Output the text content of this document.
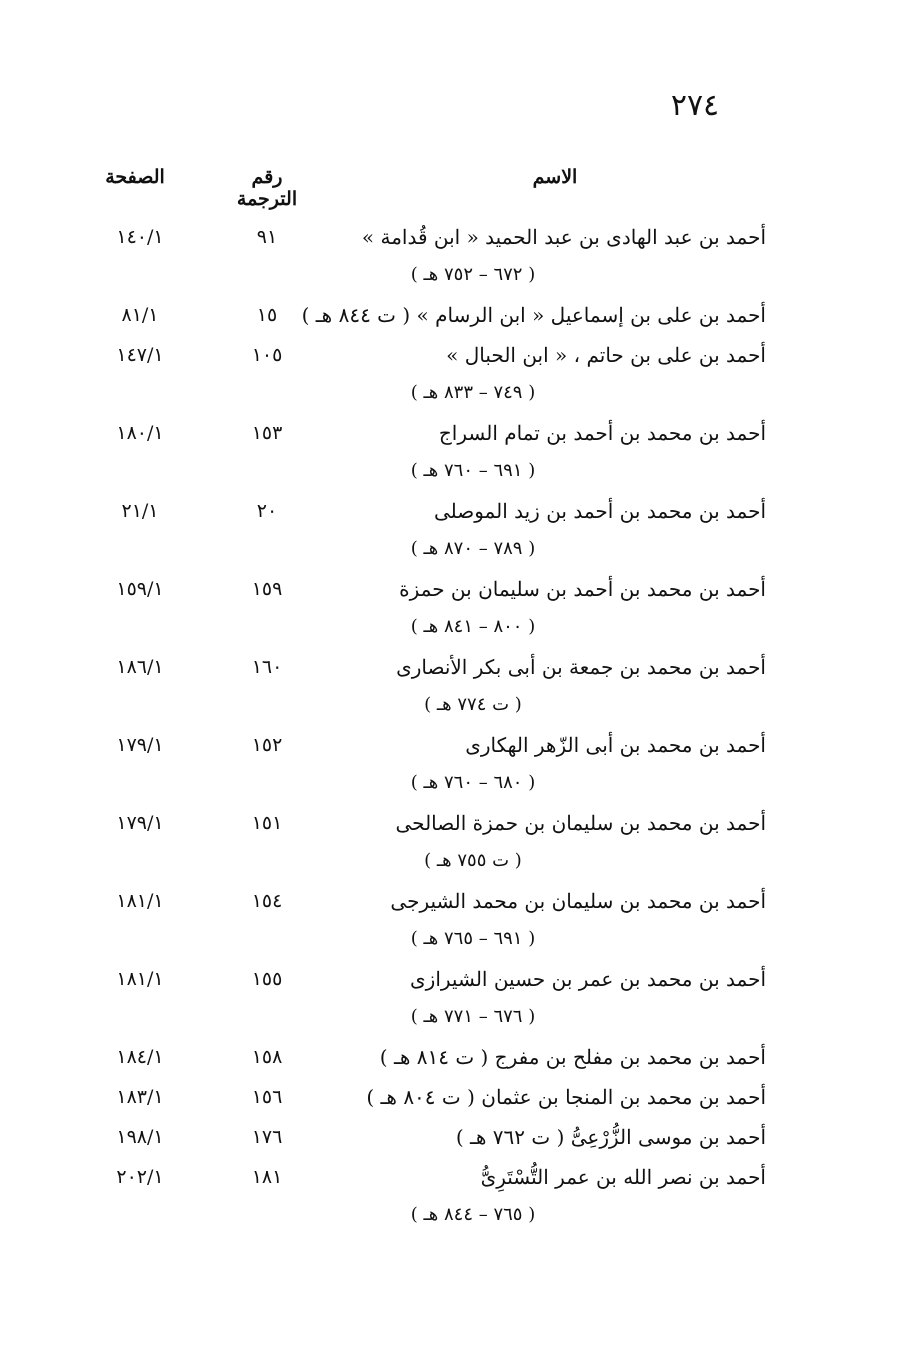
٢٧٤
الاسم
رقم الترجمة
الصفحة
أحمد بن عبد الهادى بن عبد الحميد « ابن قُدامة »
٩١
١٤٠/١
( ٦٧٢ – ٧٥٢ هـ )
أحمد بن على بن إسماعيل « ابن الرسام » ( ت ٨٤٤ هـ )
١٥
٨١/١
أحمد بن على بن حاتم ، « ابن الحبال »
١٠٥
١٤٧/١
( ٧٤٩ – ٨٣٣ هـ )
أحمد بن محمد بن أحمد بن تمام السراج
١٥٣
١٨٠/١
( ٦٩١ – ٧٦٠ هـ )
أحمد بن محمد بن أحمد بن زيد الموصلى
٢٠
٢١/١
( ٧٨٩ – ٨٧٠ هـ )
أحمد بن محمد بن أحمد بن سليمان بن حمزة
١٥٩
١٥٩/١
( ٨٠٠ – ٨٤١ هـ )
أحمد بن محمد بن جمعة بن أبى بكر الأنصارى
١٦٠
١٨٦/١
( ت ٧٧٤ هـ )
أحمد بن محمد بن أبى الزّهر الهكارى
١٥٢
١٧٩/١
( ٦٨٠ – ٧٦٠ هـ )
أحمد بن محمد بن سليمان بن حمزة الصالحى
١٥١
١٧٩/١
( ت ٧٥٥ هـ )
أحمد بن محمد بن سليمان بن محمد الشيرجى
١٥٤
١٨١/١
( ٦٩١ – ٧٦٥ هـ )
أحمد بن محمد بن عمر بن حسين الشيرازى
١٥٥
١٨١/١
( ٦٧٦ – ٧٧١ هـ )
أحمد بن محمد بن مفلح بن مفرج ( ت ٨١٤ هـ )
١٥٨
١٨٤/١
أحمد بن محمد بن المنجا بن عثمان ( ت ٨٠٤ هـ )
١٥٦
١٨٣/١
أحمد بن موسى الزُّرْعِىُّ ( ت ٧٦٢ هـ )
١٧٦
١٩٨/١
أحمد بن نصر الله بن عمر التُّسْتَرِىُّ
١٨١
٢٠٢/١
( ٧٦٥ – ٨٤٤ هـ )
